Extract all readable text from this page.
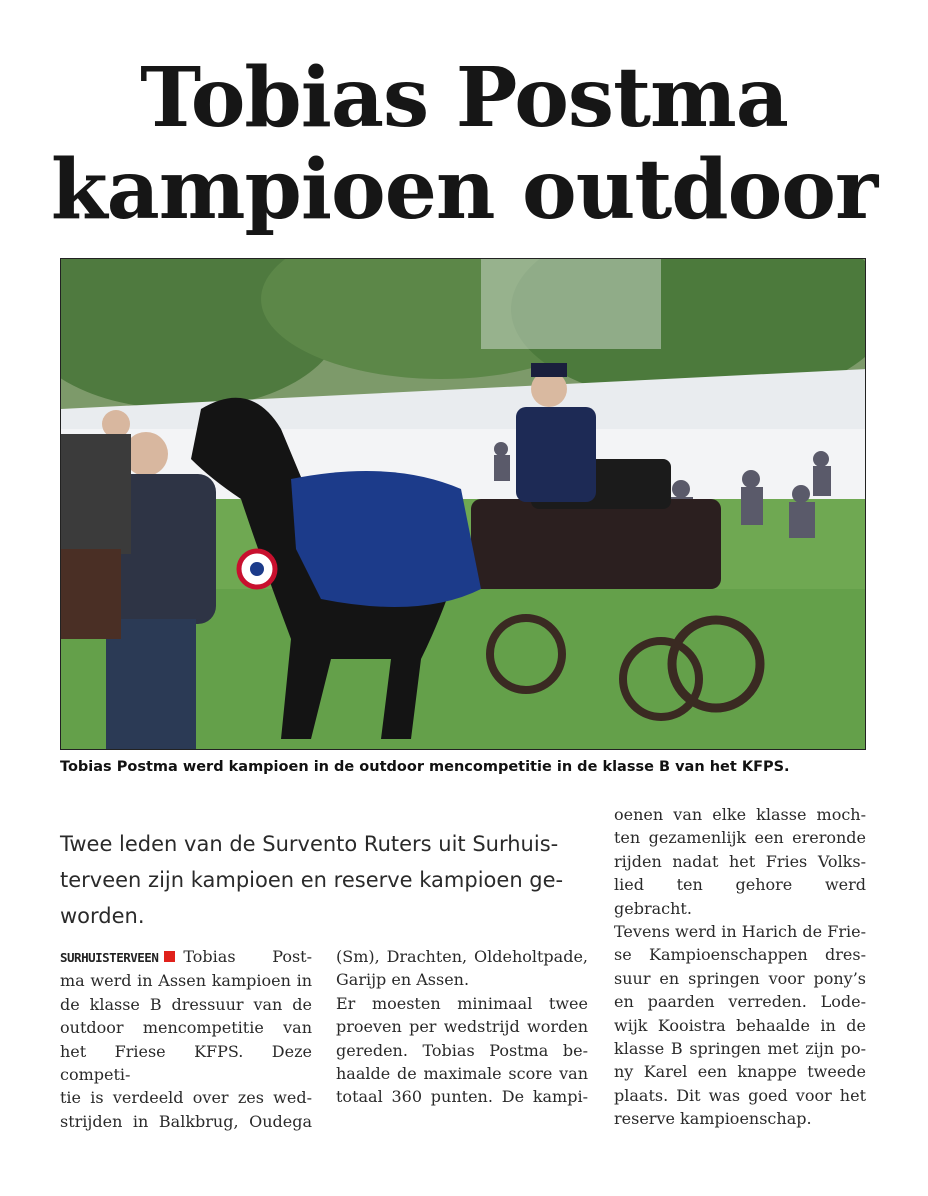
Tobias Postma
kampioen outdoor

Tobias Postma werd kampioen in de outdoor mencompetitie in de klasse B van het KFPS.

Twee leden van de Survento Ruters uit Surhuis-
terveen zijn kampioen en reserve kampioen ge-
worden.

SURHUISTERVEEN Tobias Post-
ma werd in Assen kampioen in
de klasse B dressuur van de
outdoor mencompetitie van
het Friese KFPS. Deze competi-
tie is verdeeld over zes wed-
strijden in Balkbrug, Oudega

(Sm), Drachten, Oldeholtpade,
Garijp en Assen.
Er moesten minimaal twee
proeven per wedstrijd worden
gereden. Tobias Postma be-
haalde de maximale score van
totaal 360 punten. De kampi-

oenen van elke klasse moch-
ten gezamenlijk een ereronde
rijden nadat het Fries Volks-
lied ten gehore werd gebracht.
Tevens werd in Harich de Frie-
se Kampioenschappen dres-
suur en springen voor pony’s
en paarden verreden. Lode-
wijk Kooistra behaalde in de
klasse B springen met zijn po-
ny Karel een knappe tweede
plaats. Dit was goed voor het
reserve kampioenschap.
